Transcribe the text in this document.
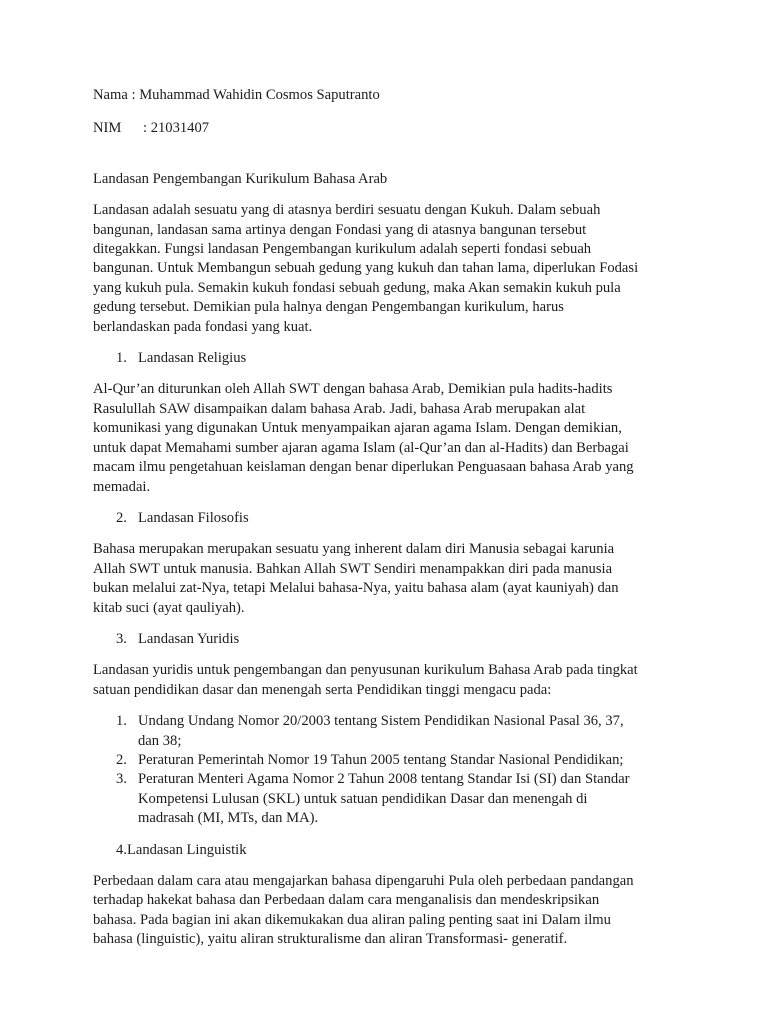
Nama : Muhammad Wahidin Cosmos Saputranto

NIM : 21031407

Landasan Pengembangan Kurikulum Bahasa Arab

Landasan adalah sesuatu yang di atasnya berdiri sesuatu dengan Kukuh. Dalam sebuah
bangunan, landasan sama artinya dengan Fondasi yang di atasnya bangunan tersebut
ditegakkan. Fungsi landasan Pengembangan kurikulum adalah seperti fondasi sebuah
bangunan. Untuk Membangun sebuah gedung yang kukuh dan tahan lama, diperlukan Fodasi
yang kukuh pula. Semakin kukuh fondasi sebuah gedung, maka Akan semakin kukuh pula
gedung tersebut. Demikian pula halnya dengan Pengembangan kurikulum, harus
berlandaskan pada fondasi yang kuat.
1. Landasan Religius
Al-Qur’an diturunkan oleh Allah SWT dengan bahasa Arab, Demikian pula hadits-hadits
Rasulullah SAW disampaikan dalam bahasa Arab. Jadi, bahasa Arab merupakan alat
komunikasi yang digunakan Untuk menyampaikan ajaran agama Islam. Dengan demikian,
untuk dapat Memahami sumber ajaran agama Islam (al-Qur’an dan al-Hadits) dan Berbagai
macam ilmu pengetahuan keislaman dengan benar diperlukan Penguasaan bahasa Arab yang
memadai.
2. Landasan Filosofis
Bahasa merupakan merupakan sesuatu yang inherent dalam diri Manusia sebagai karunia
Allah SWT untuk manusia. Bahkan Allah SWT Sendiri menampakkan diri pada manusia
bukan melalui zat-Nya, tetapi Melalui bahasa-Nya, yaitu bahasa alam (ayat kauniyah) dan
kitab suci (ayat qauliyah).
3. Landasan Yuridis
Landasan yuridis untuk pengembangan dan penyusunan kurikulum Bahasa Arab pada tingkat
satuan pendidikan dasar dan menengah serta Pendidikan tinggi mengacu pada:
1. Undang Undang Nomor 20/2003 tentang Sistem Pendidikan Nasional Pasal 36, 37,
dan 38;
2. Peraturan Pemerintah Nomor 19 Tahun 2005 tentang Standar Nasional Pendidikan;
3. Peraturan Menteri Agama Nomor 2 Tahun 2008 tentang Standar Isi (SI) dan Standar
Kompetensi Lulusan (SKL) untuk satuan pendidikan Dasar dan menengah di
madrasah (MI, MTs, dan MA).
4.Landasan Linguistik
Perbedaan dalam cara atau mengajarkan bahasa dipengaruhi Pula oleh perbedaan pandangan
terhadap hakekat bahasa dan Perbedaan dalam cara menganalisis dan mendeskripsikan
bahasa. Pada bagian ini akan dikemukakan dua aliran paling penting saat ini Dalam ilmu
bahasa (linguistic), yaitu aliran strukturalisme dan aliran Transformasi- generatif.
